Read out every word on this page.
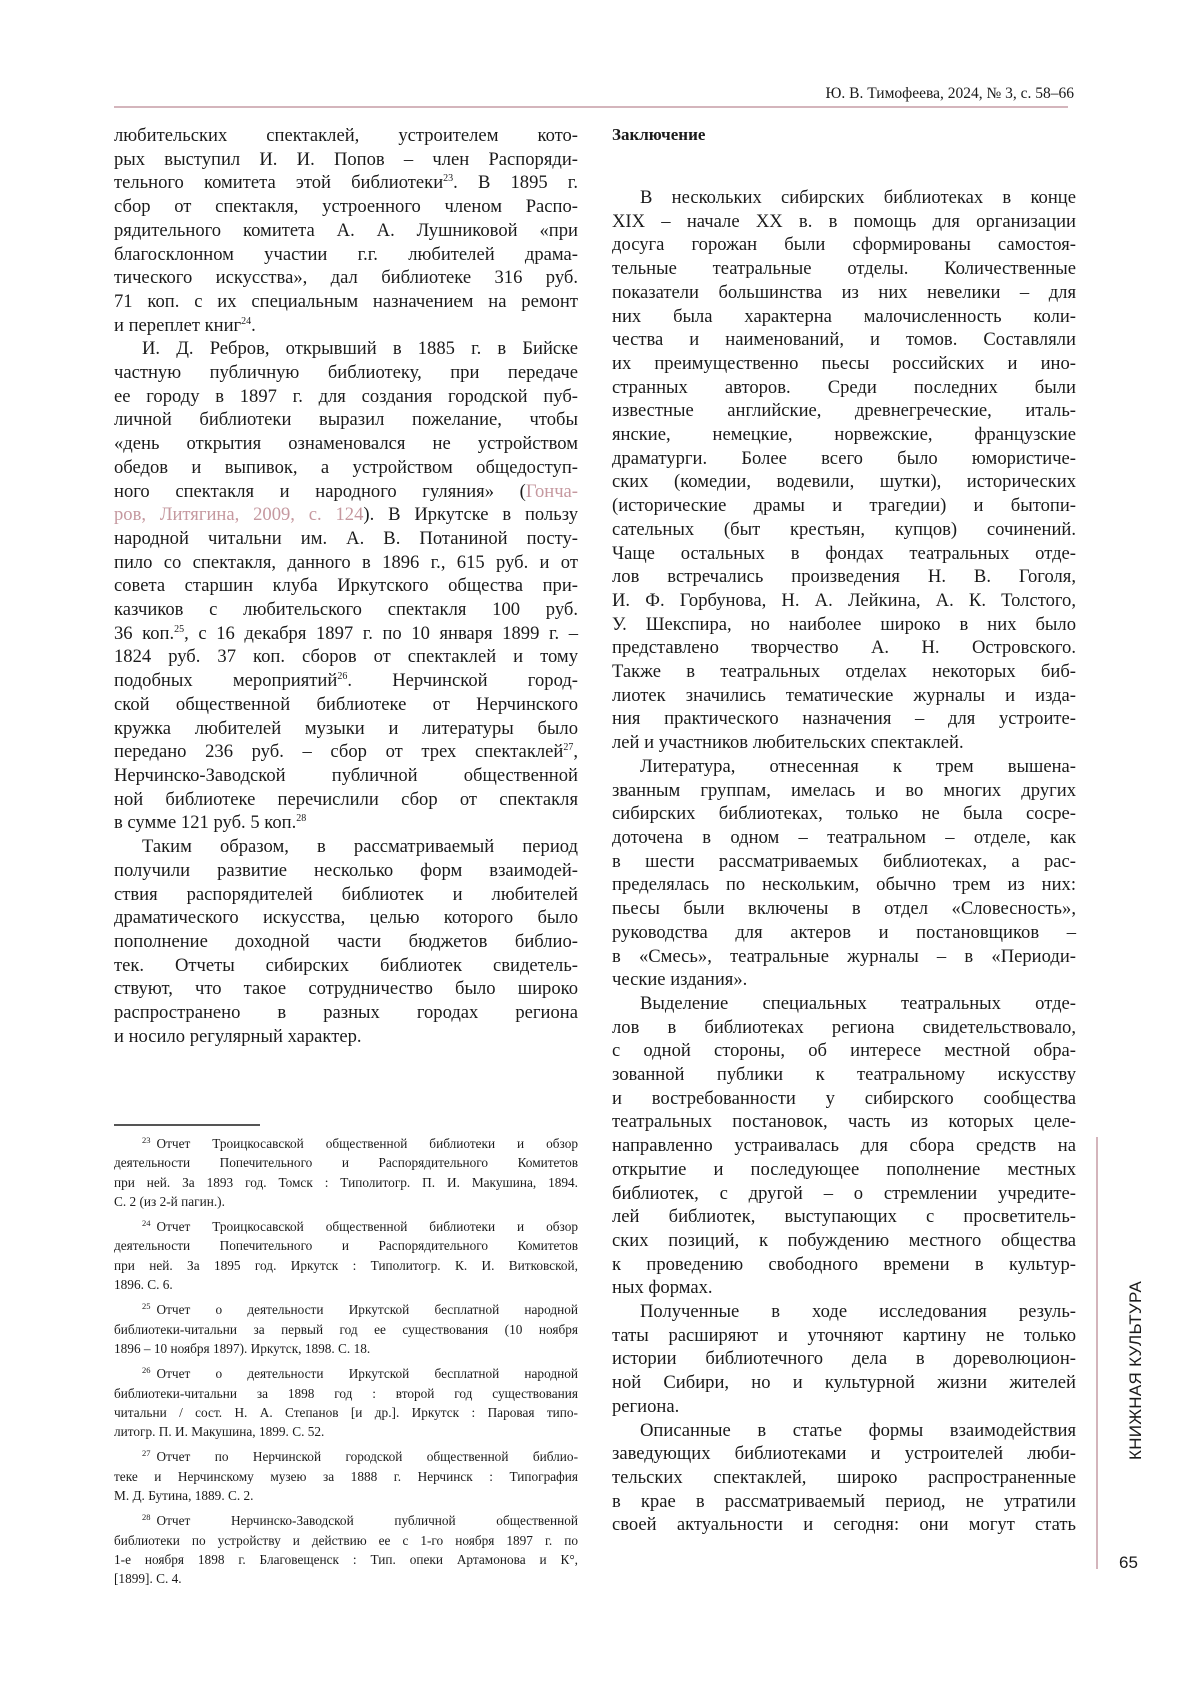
Ю. В. Тимофеева, 2024, № 3, с. 58–66

любительских спектаклей, устроителем кото-
рых выступил И. И. Попов – член Распоряди-
тельного комитета этой библиотеки$^{23}$. В 1895 г.
сбор от спектакля, устроенного членом Распо-
рядительного комитета А. А. Лушниковой «при
благосклонном участии г.г. любителей драма-
тического искусства», дал библиотеке 316 руб.
71 коп. с их специальным назначением на ремонт
и переплет книг$^{24}$.

И. Д. Ребров, открывший в 1885 г. в Бийске
частную публичную библиотеку, при передаче
ее городу в 1897 г. для создания городской пуб-
личной библиотеки выразил пожелание, чтобы
«день открытия ознаменовался не устройством
обедов и выпивок, а устройством общедоступ-
ного спектакля и народного гуляния» (Гонча-
ров, Литягина, 2009, с. 124). В Иркутске в пользу
народной читальни им. А. В. Потаниной посту-
пило со спектакля, данного в 1896 г., 615 руб. и от
совета старшин клуба Иркутского общества при-
казчиков с любительского спектакля 100 руб.
36 коп.$^{25}$, с 16 декабря 1897 г. по 10 января 1899 г. –
1824 руб. 37 коп. сборов от спектаклей и тому
подобных мероприятий$^{26}$. Нерчинской город-
ской общественной библиотеке от Нерчинского
кружка любителей музыки и литературы было
передано 236 руб. – сбор от трех спектаклей$^{27}$,
Нерчинско-Заводской публичной общественной
ной библиотеке перечислили сбор от спектакля
в сумме 121 руб. 5 коп.$^{28}$

Таким образом, в рассматриваемый период
получили развитие несколько форм взаимодей-
ствия распорядителей библиотек и любителей
драматического искусства, целью которого было
пополнение доходной части бюджетов библио-
тек. Отчеты сибирских библиотек свидетель-
ствуют, что такое сотрудничество было широко
распространено в разных городах региона
и носило регулярный характер.

$^{23}$ Отчет Троицкосавской общественной библиотеки и обзор
деятельности Попечительного и Распорядительного Комитетов
при ней. За 1893 год. Томск : Типолитогр. П. И. Макушина, 1894.
С. 2 (из 2-й пагин.).

$^{24}$ Отчет Троицкосавской общественной библиотеки и обзор
деятельности Попечительного и Распорядительного Комитетов
при ней. За 1895 год. Иркутск : Типолитогр. К. И. Витковской,
1896. С. 6.

$^{25}$ Отчет о деятельности Иркутской бесплатной народной
библиотеки-читальни за первый год ее существования (10 ноября
1896 – 10 ноября 1897). Иркутск, 1898. С. 18.

$^{26}$ Отчет о деятельности Иркутской бесплатной народной
библиотеки-читальни за 1898 год : второй год существования
читальни / сост. Н. А. Степанов [и др.]. Иркутск : Паровая типо-
литогр. П. И. Макушина, 1899. С. 52.

$^{27}$ Отчет по Нерчинской городской общественной библио-
теке и Нерчинскому музею за 1888 г. Нерчинск : Типография
М. Д. Бутина, 1889. С. 2.

$^{28}$ Отчет Нерчинско-Заводской публичной общественной
библиотеки по устройству и действию ее с 1-го ноября 1897 г. по
1-е ноября 1898 г. Благовещенск : Тип. опеки Артамонова и К°,
[1899]. С. 4.

Заключение

В нескольких сибирских библиотеках в конце
XIX – начале XX в. в помощь для организации
досуга горожан были сформированы самостоя-
тельные театральные отделы. Количественные
показатели большинства из них невелики – для
них была характерна малочисленность коли-
чества и наименований, и томов. Составляли
их преимущественно пьесы российских и ино-
странных авторов. Среди последних были
известные английские, древнегреческие, италь-
янские, немецкие, норвежские, французские
драматурги. Более всего было юмористиче-
ских (комедии, водевили, шутки), исторических
(исторические драмы и трагедии) и бытопи-
сательных (быт крестьян, купцов) сочинений.
Чаще остальных в фондах театральных отде-
лов встречались произведения Н. В. Гоголя,
И. Ф. Горбунова, Н. А. Лейкина, А. К. Толстого,
У. Шекспира, но наиболее широко в них было
представлено творчество А. Н. Островского.
Также в театральных отделах некоторых биб-
лиотек значились тематические журналы и изда-
ния практического назначения – для устроите-
лей и участников любительских спектаклей.

Литература, отнесенная к трем вышена-
званным группам, имелась и во многих других
сибирских библиотеках, только не была сосре-
доточена в одном – театральном – отделе, как
в шести рассматриваемых библиотеках, а рас-
пределялась по нескольким, обычно трем из них:
пьесы были включены в отдел «Словесность»,
руководства для актеров и постановщиков –
в «Смесь», театральные журналы – в «Периоди-
ческие издания».

Выделение специальных театральных отде-
лов в библиотеках региона свидетельствовало,
с одной стороны, об интересе местной обра-
зованной публики к театральному искусству
и востребованности у сибирского сообщества
театральных постановок, часть из которых целе-
направленно устраивалась для сбора средств на
открытие и последующее пополнение местных
библиотек, с другой – о стремлении учредите-
лей библиотек, выступающих с просветитель-
ских позиций, к побуждению местного общества
к проведению свободного времени в культур-
ных формах.

Полученные в ходе исследования резуль-
таты расширяют и уточняют картину не только
истории библиотечного дела в дореволюцион-
ной Сибири, но и культурной жизни жителей
региона.

Описанные в статье формы взаимодействия
заведующих библиотеками и устроителей люби-
тельских спектаклей, широко распространенные
в крае в рассматриваемый период, не утратили
своей актуальности и сегодня: они могут стать

КНИЖНАЯ КУЛЬТУРА
65
